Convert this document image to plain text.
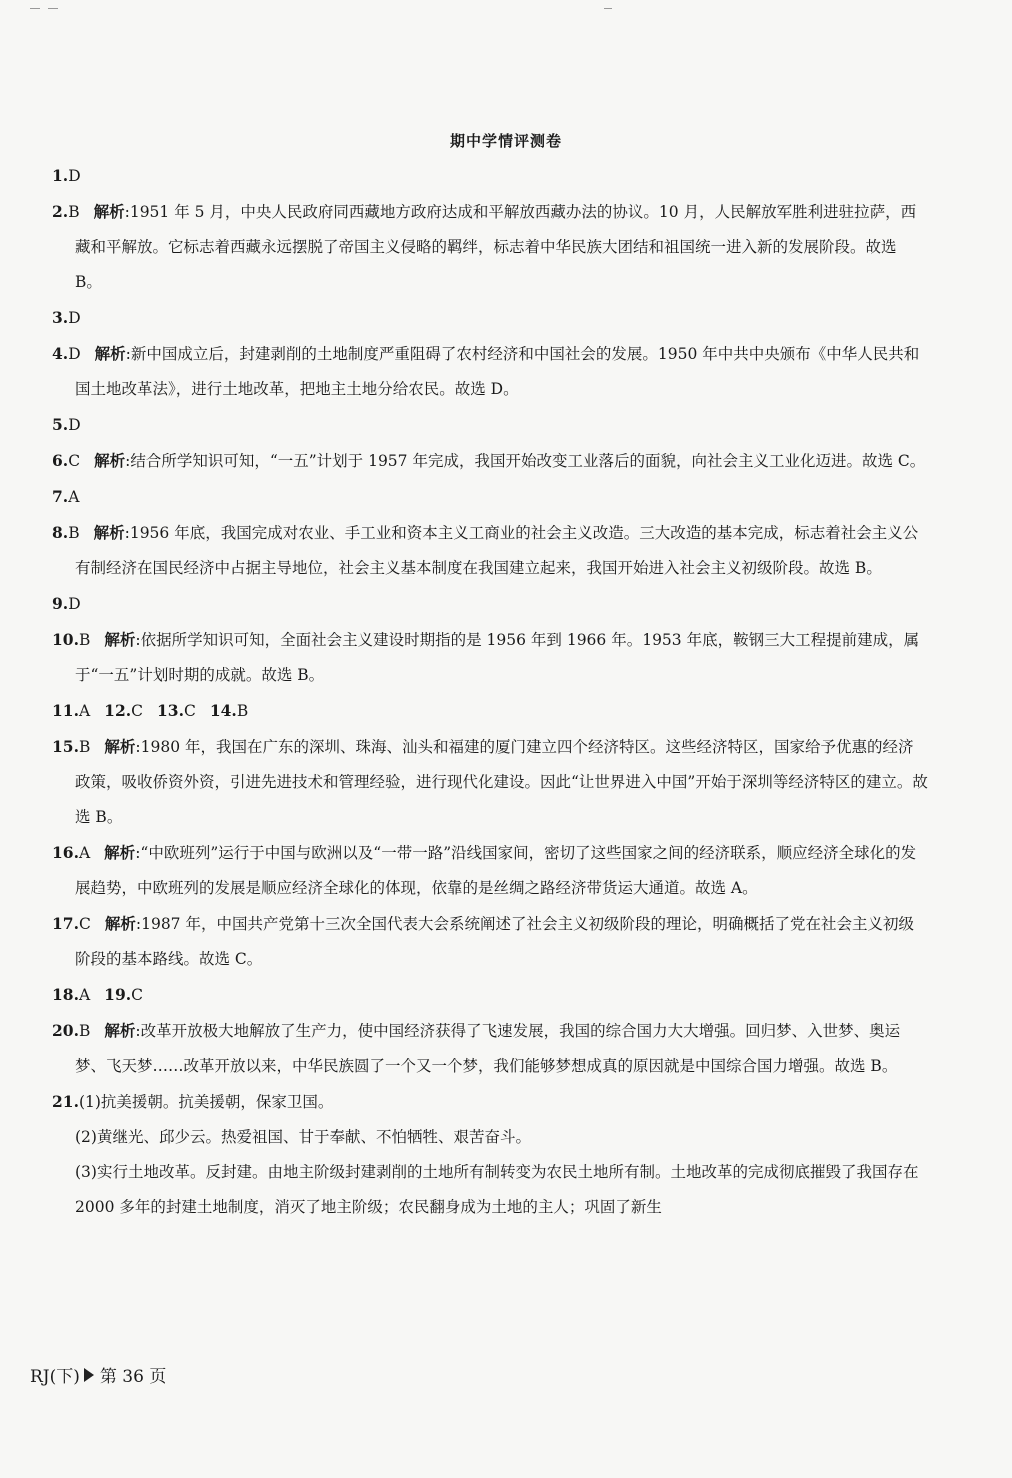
期中学情评测卷

1.D

2.B 解析:1951 年 5 月，中央人民政府同西藏地方政府达成和平解放西藏办法的协议。10 月，人民解放军胜利进驻拉萨，西藏和平解放。它标志着西藏永远摆脱了帝国主义侵略的羁绊，标志着中华民族大团结和祖国统一进入新的发展阶段。故选 B。

3.D

4.D 解析:新中国成立后，封建剥削的土地制度严重阻碍了农村经济和中国社会的发展。1950 年中共中央颁布《中华人民共和国土地改革法》，进行土地改革，把地主土地分给农民。故选 D。

5.D

6.C 解析:结合所学知识可知，“一五”计划于 1957 年完成，我国开始改变工业落后的面貌，向社会主义工业化迈进。故选 C。

7.A

8.B 解析:1956 年底，我国完成对农业、手工业和资本主义工商业的社会主义改造。三大改造的基本完成，标志着社会主义公有制经济在国民经济中占据主导地位，社会主义基本制度在我国建立起来，我国开始进入社会主义初级阶段。故选 B。

9.D

10.B 解析:依据所学知识可知，全面社会主义建设时期指的是 1956 年到 1966 年。1953 年底，鞍钢三大工程提前建成，属于“一五”计划时期的成就。故选 B。

11.A 12.C 13.C 14.B

15.B 解析:1980 年，我国在广东的深圳、珠海、汕头和福建的厦门建立四个经济特区。这些经济特区，国家给予优惠的经济政策，吸收侨资外资，引进先进技术和管理经验，进行现代化建设。因此“让世界进入中国”开始于深圳等经济特区的建立。故选 B。

16.A 解析:“中欧班列”运行于中国与欧洲以及“一带一路”沿线国家间，密切了这些国家之间的经济联系，顺应经济全球化的发展趋势，中欧班列的发展是顺应经济全球化的体现，依靠的是丝绸之路经济带货运大通道。故选 A。

17.C 解析:1987 年，中国共产党第十三次全国代表大会系统阐述了社会主义初级阶段的理论，明确概括了党在社会主义初级阶段的基本路线。故选 C。

18.A 19.C

20.B 解析:改革开放极大地解放了生产力，使中国经济获得了飞速发展，我国的综合国力大大增强。回归梦、入世梦、奥运梦、飞天梦……改革开放以来，中华民族圆了一个又一个梦，我们能够梦想成真的原因就是中国综合国力增强。故选 B。

21.(1)抗美援朝。抗美援朝，保家卫国。

(2)黄继光、邱少云。热爱祖国、甘于奉献、不怕牺牲、艰苦奋斗。

(3)实行土地改革。反封建。由地主阶级封建剥削的土地所有制转变为农民土地所有制。土地改革的完成彻底摧毁了我国存在 2000 多年的封建土地制度，消灭了地主阶级；农民翻身成为土地的主人；巩固了新生

RJ(下) 第 36 页
